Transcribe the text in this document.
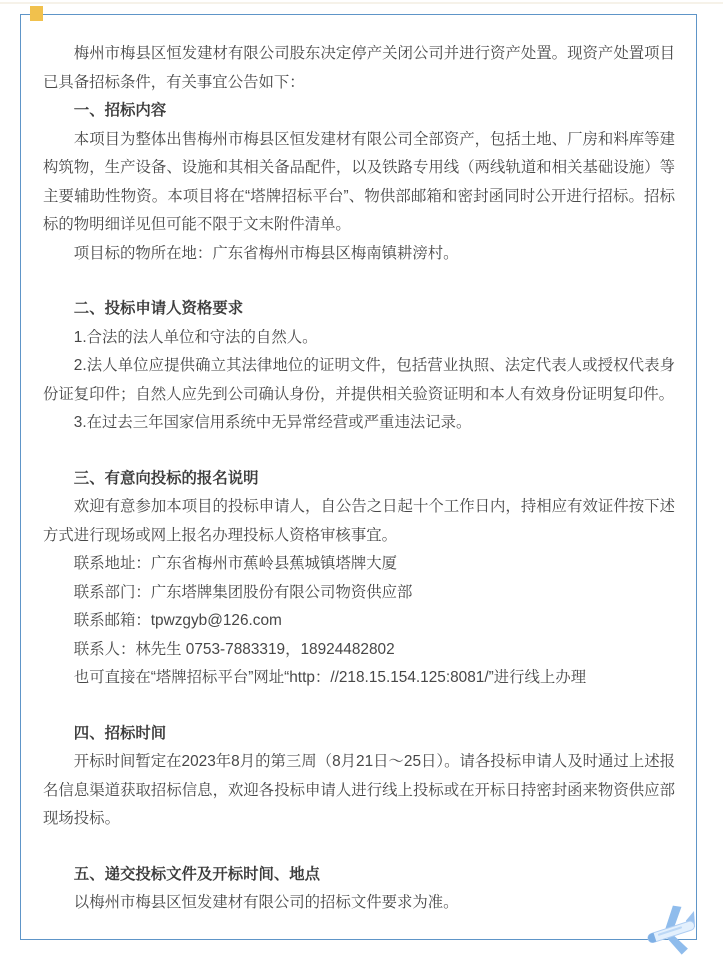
梅州市梅县区恒发建材有限公司股东决定停产关闭公司并进行资产处置。现资产处置项目已具备招标条件，有关事宜公告如下：

一、招标内容

本项目为整体出售梅州市梅县区恒发建材有限公司全部资产，包括土地、厂房和料库等建构筑物，生产设备、设施和其相关备品配件，以及铁路专用线（两线轨道和相关基础设施）等主要辅助性物资。本项目将在“塔牌招标平台”、物供部邮箱和密封函同时公开进行招标。招标标的物明细详见但可能不限于文末附件清单。

项目标的物所在地：广东省梅州市梅县区梅南镇耕滂村。

二、投标申请人资格要求

1.合法的法人单位和守法的自然人。

2.法人单位应提供确立其法律地位的证明文件，包括营业执照、法定代表人或授权代表身份证复印件；自然人应先到公司确认身份，并提供相关验资证明和本人有效身份证明复印件。

3.在过去三年国家信用系统中无异常经营或严重违法记录。

三、有意向投标的报名说明

欢迎有意参加本项目的投标申请人，自公告之日起十个工作日内，持相应有效证件按下述方式进行现场或网上报名办理投标人资格审核事宜。

联系地址：广东省梅州市蕉岭县蕉城镇塔牌大厦

联系部门：广东塔牌集团股份有限公司物资供应部

联系邮箱：tpwzgyb@126.com

联系人：林先生 0753-7883319，18924482802

也可直接在“塔牌招标平台”网址“http：//218.15.154.125:8081/”进行线上办理

四、招标时间

开标时间暂定在2023年8月的第三周（8月21日～25日）。请各投标申请人及时通过上述报名信息渠道获取招标信息，欢迎各投标申请人进行线上投标或在开标日持密封函来物资供应部现场投标。

五、递交投标文件及开标时间、地点

以梅州市梅县区恒发建材有限公司的招标文件要求为准。
